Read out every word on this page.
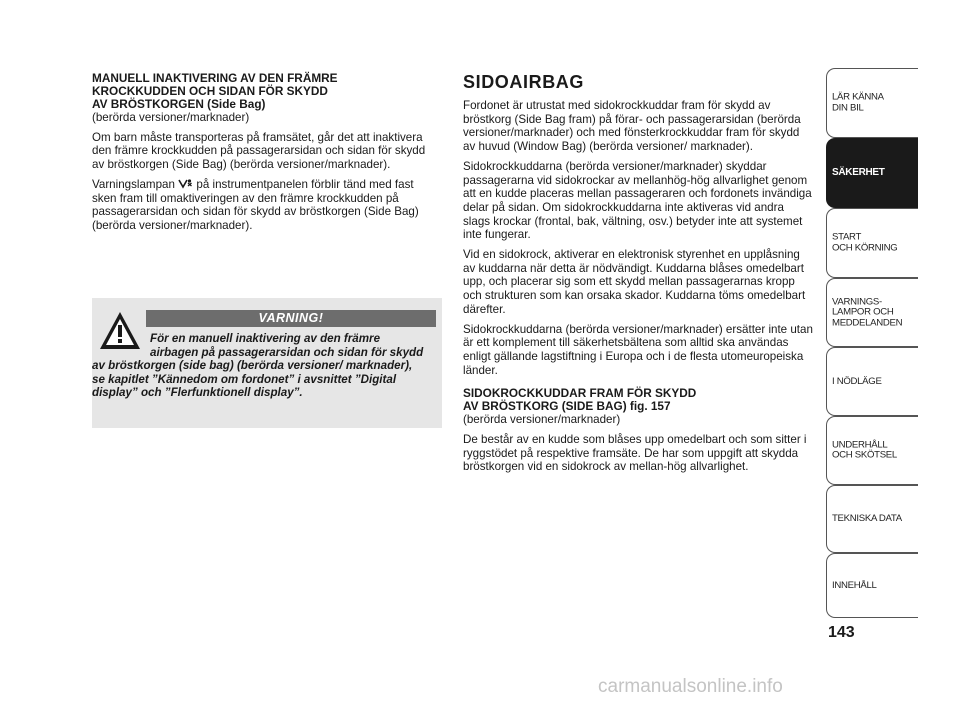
MANUELL INAKTIVERING AV DEN FRÄMRE
KROCKKUDDEN OCH SIDAN FÖR SKYDD
AV BRÖSTKORGEN (Side Bag)

(berörda versioner/marknader)

Om barn måste transporteras på framsätet, går det att inaktivera den främre krockkudden på passagerarsidan och sidan för skydd av bröstkorgen (Side Bag) (berörda versioner/marknader).

Varningslampan på instrumentpanelen förblir tänd med fast sken fram till omaktiveringen av den främre krockkudden på passagerarsidan och sidan för skydd av bröstkorgen (Side Bag) (berörda versioner/marknader).

VARNING!
För en manuell inaktivering av den främre airbagen på passagerarsidan och sidan för skydd av bröstkorgen (side bag) (berörda versioner/ marknader), se kapitlet ”Kännedom om fordonet” i avsnittet ”Digital display” och ”Flerfunktionell display”.
SIDOAIRBAG

Fordonet är utrustat med sidokrockkuddar fram för skydd av bröstkorg (Side Bag fram) på förar- och passagerarsidan (berörda versioner/marknader) och med fönsterkrockkuddar fram för skydd av huvud (Window Bag) (berörda versioner/ marknader).

Sidokrockkuddarna (berörda versioner/marknader) skyddar passagerarna vid sidokrockar av mellanhög-hög allvarlighet genom att en kudde placeras mellan passageraren och fordonets invändiga delar på sidan. Om sidokrockkuddarna inte aktiveras vid andra slags krockar (frontal, bak, vältning, osv.) betyder inte att systemet inte fungerar.

Vid en sidokrock, aktiverar en elektronisk styrenhet en upplåsning av kuddarna när detta är nödvändigt. Kuddarna blåses omedelbart upp, och placerar sig som ett skydd mellan passagerarnas kropp och strukturen som kan orsaka skador. Kuddarna töms omedelbart därefter.

Sidokrockkuddarna (berörda versioner/marknader) ersätter inte utan är ett komplement till säkerhetsbältena som alltid ska användas enligt gällande lagstiftning i Europa och i de flesta utomeuropeiska länder.

SIDOKROCKKUDDAR FRAM FÖR SKYDD
AV BRÖSTKORG (SIDE BAG) fig. 157

(berörda versioner/marknader)

De består av en kudde som blåses upp omedelbart och som sitter i ryggstödet på respektive framsäte. De har som uppgift att skydda bröstkorgen vid en sidokrock av mellan-hög allvarlighet.

LÄR KÄNNA
DIN BIL
SÄKERHET
START
OCH KÖRNING
VARNINGS-
LAMPOR OCH
MEDDELANDEN
I NÖDLÄGE
UNDERHÅLL
OCH SKÖTSEL
TEKNISKA DATA
INNEHÅLL
143
carmanualsonline.info
